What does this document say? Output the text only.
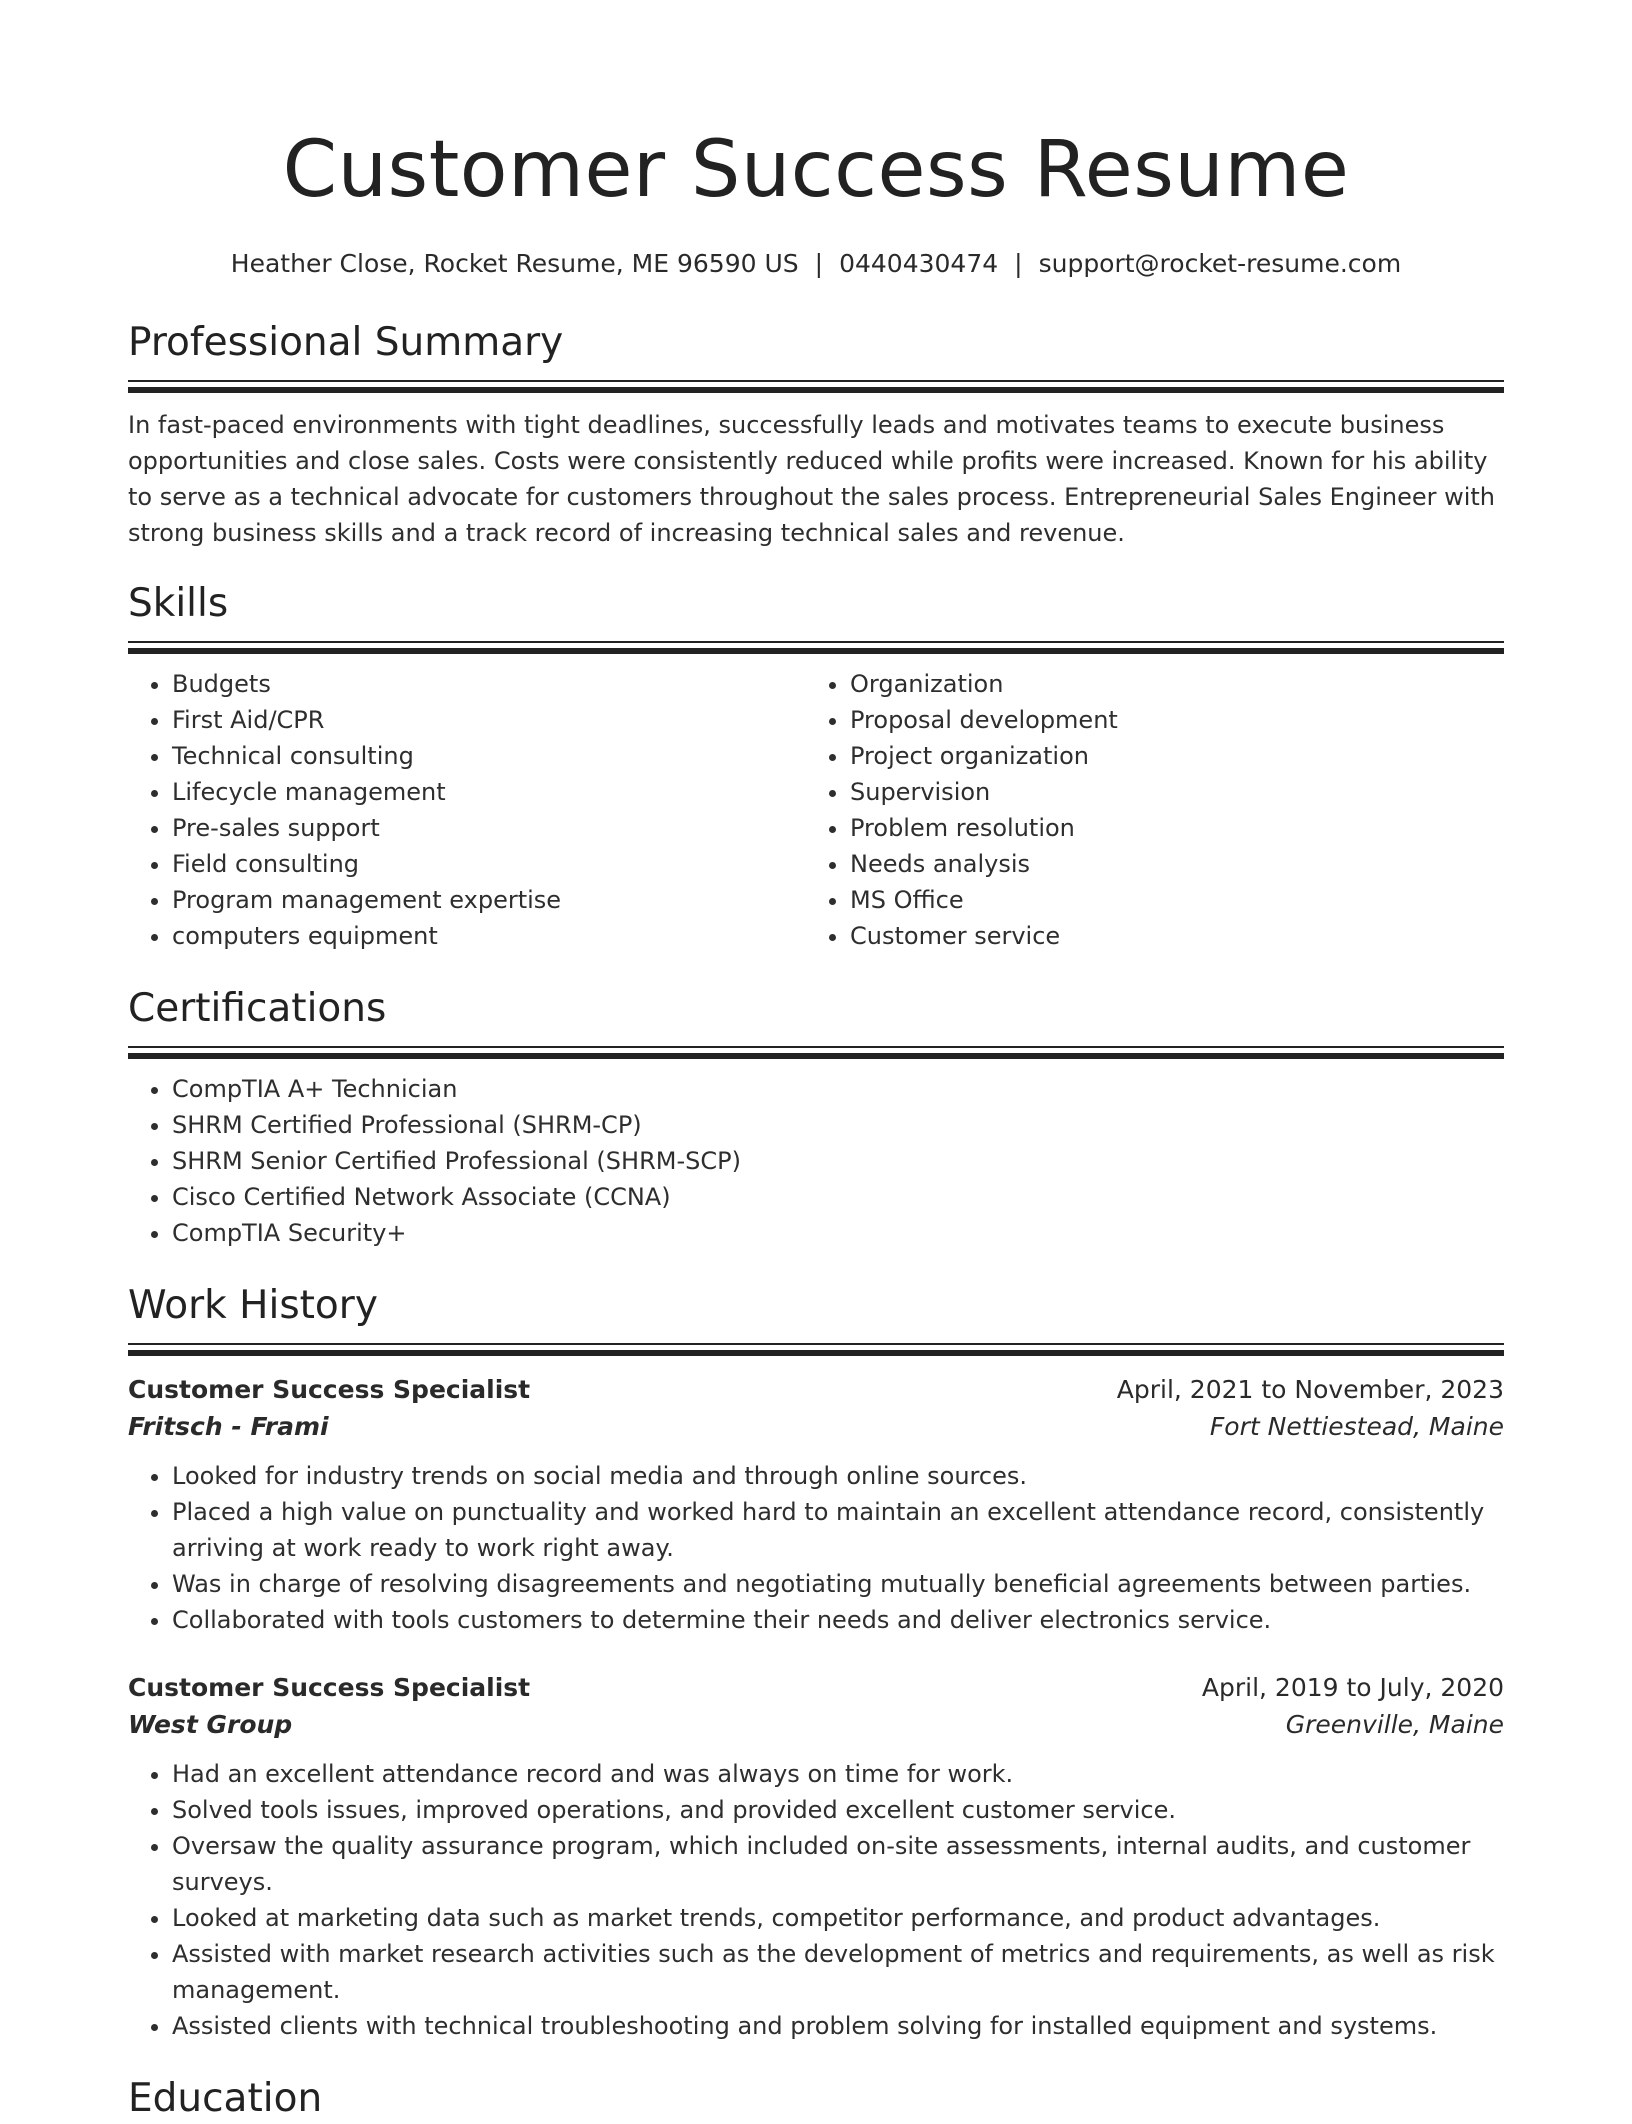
Customer Success Resume
Heather Close, Rocket Resume, ME 96590 US | 0440430474 | support@rocket-resume.com
Professional Summary
In fast-paced environments with tight deadlines, successfully leads and motivates teams to execute business opportunities and close sales. Costs were consistently reduced while profits were increased. Known for his ability to serve as a technical advocate for customers throughout the sales process. Entrepreneurial Sales Engineer with strong business skills and a track record of increasing technical sales and revenue.
Skills
• Budgets
• First Aid/CPR
• Technical consulting
• Lifecycle management
• Pre-sales support
• Field consulting
• Program management expertise
• computers equipment
• Organization
• Proposal development
• Project organization
• Supervision
• Problem resolution
• Needs analysis
• MS Office
• Customer service
Certifications
• CompTIA A+ Technician
• SHRM Certified Professional (SHRM-CP)
• SHRM Senior Certified Professional (SHRM-SCP)
• Cisco Certified Network Associate (CCNA)
• CompTIA Security+
Work History
Customer Success Specialist	April, 2021 to November, 2023
Fritsch - Frami	Fort Nettiestead, Maine
• Looked for industry trends on social media and through online sources.
• Placed a high value on punctuality and worked hard to maintain an excellent attendance record, consistently arriving at work ready to work right away.
• Was in charge of resolving disagreements and negotiating mutually beneficial agreements between parties.
• Collaborated with tools customers to determine their needs and deliver electronics service.
Customer Success Specialist	April, 2019 to July, 2020
West Group	Greenville, Maine
• Had an excellent attendance record and was always on time for work.
• Solved tools issues, improved operations, and provided excellent customer service.
• Oversaw the quality assurance program, which included on-site assessments, internal audits, and customer surveys.
• Looked at marketing data such as market trends, competitor performance, and product advantages.
• Assisted with market research activities such as the development of metrics and requirements, as well as risk management.
• Assisted clients with technical troubleshooting and problem solving for installed equipment and systems.
Education
